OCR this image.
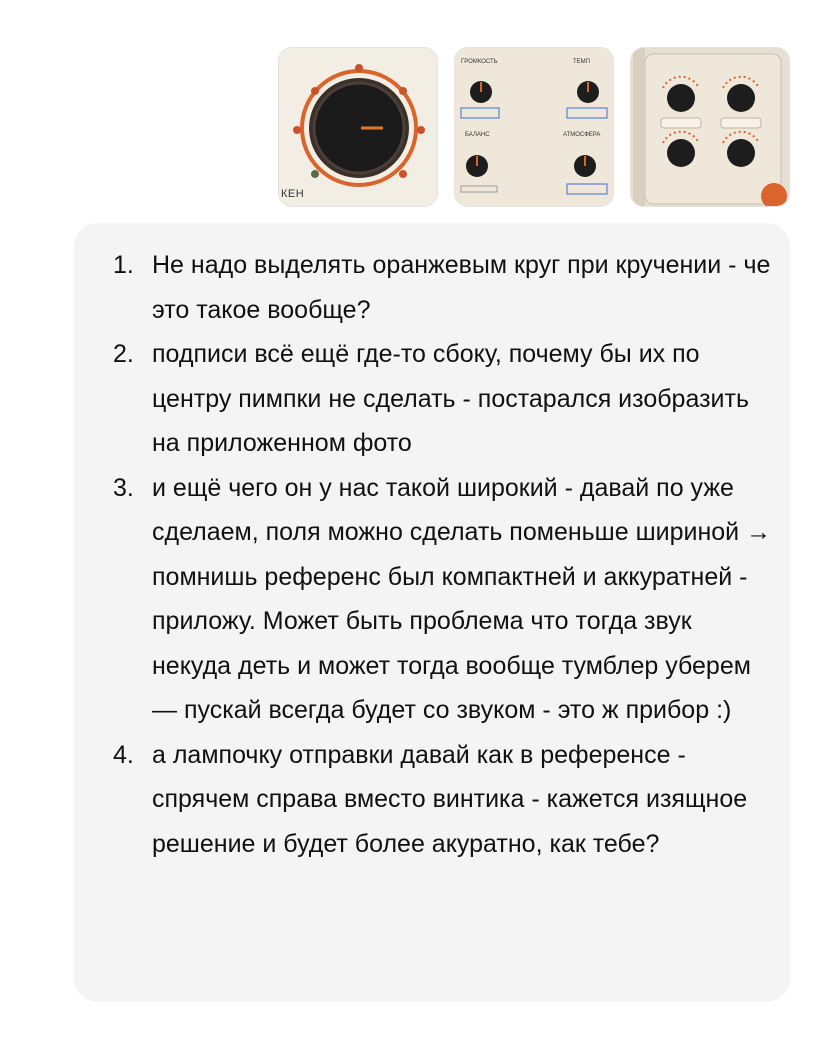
КЕН
ГРОМКОСТЬ	ТЕМП
БАЛАНС	АТМОСФЕРА
1. Не надо выделять оранжевым круг при кручении - че это такое вообще?
2. подписи всё ещё где-то сбоку, почему бы их по центру пимпки не сделать - постарался изобразить на приложенном фото
3. и ещё чего он у нас такой широкий - давай по уже сделаем, поля можно сделать поменьше шириной → помнишь референс был компактней и аккуратней - приложу. Может быть проблема что тогда звук некуда деть и может тогда вообще тумблер уберем — пускай всегда будет со звуком - это ж прибор :)
4. а лампочку отправки давай как в референсе - спрячем справа вместо винтика - кажется изящное решение и будет более акуратно, как тебе?
